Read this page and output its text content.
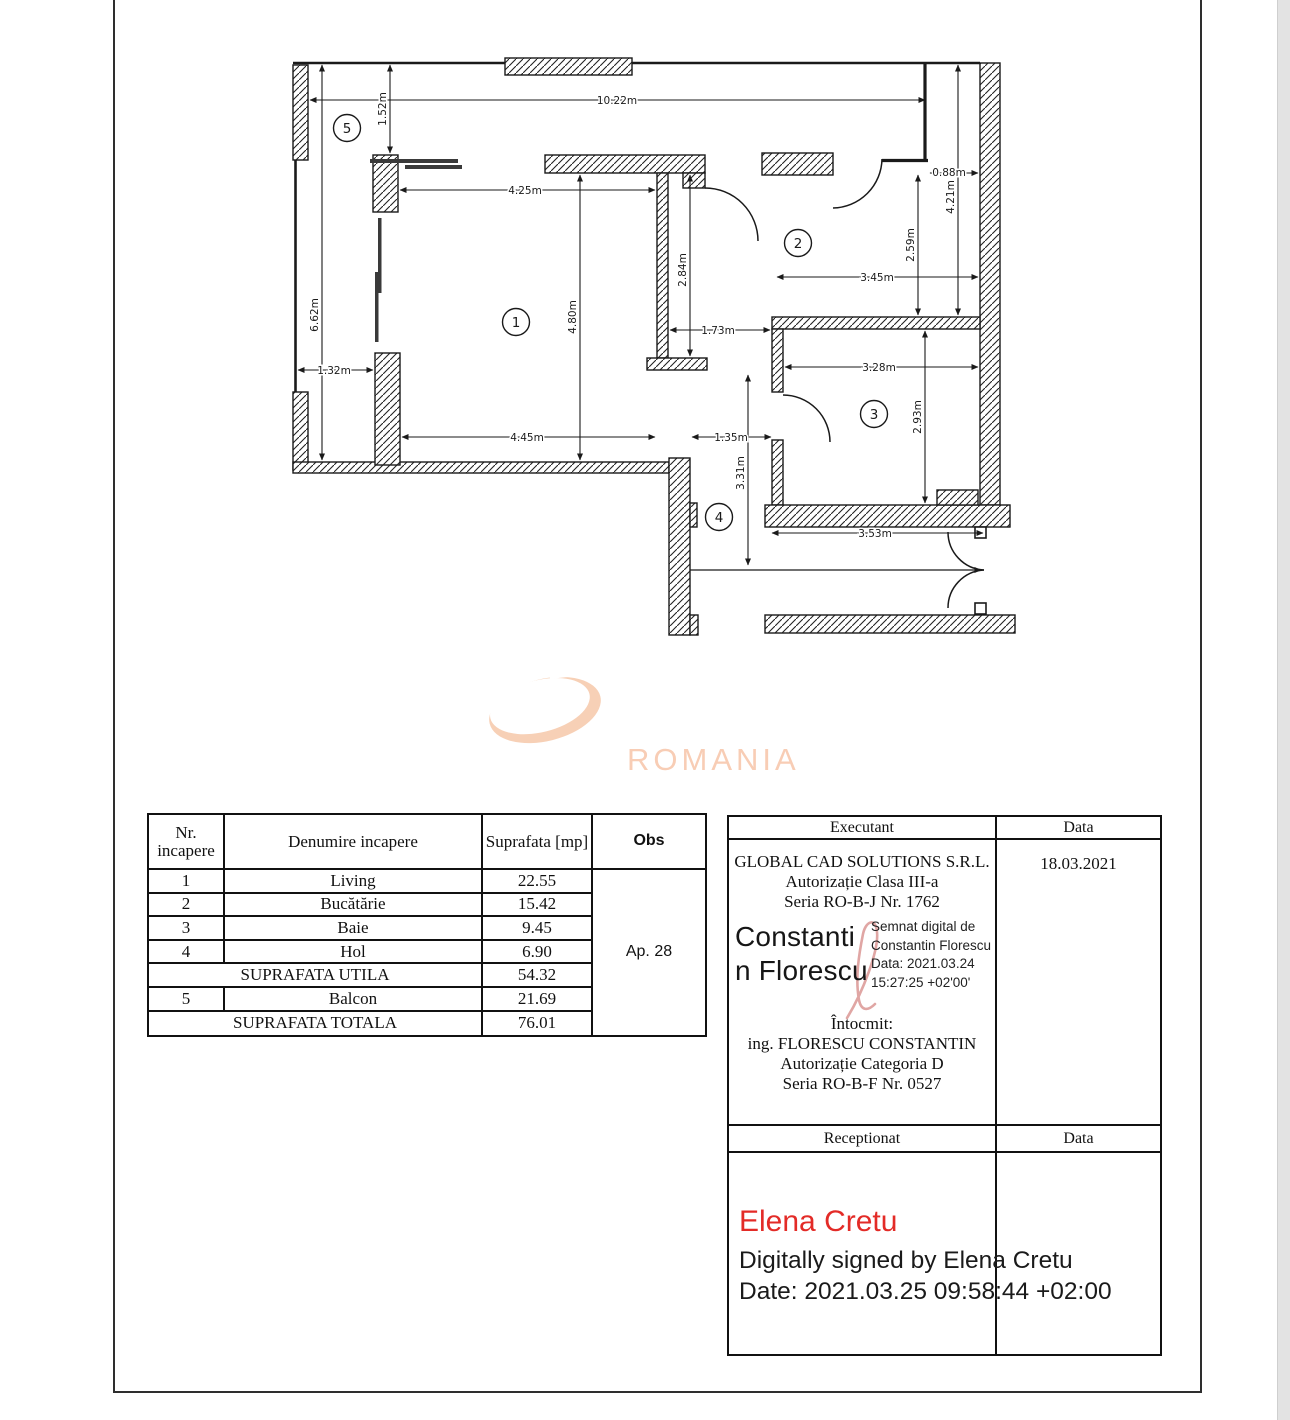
10.22m
1.52m
6.62m
4.25m
2.84m
4.80m	1.73m
3.45m
2.59m
0.88m
4.21m
1.32m
4.45m	1.35m
3.31m
3.28m
2.93m
3.53m
5
1
2
3
4
ROMANIA
Nr. incapere	Denumire incapere	Suprafata [mp]	Obs
Ap. 28
1	Living	22.55
2	Bucătărie	15.42
3	Baie	9.45
4	Hol	6.90
SUPRAFATA UTILA	54.32
5	Balcon	21.69
SUPRAFATA TOTALA	76.01
Executant	Data

GLOBAL CAD SOLUTIONS S.R.L.

Autorizație Clasa III-a

Seria RO-B-J Nr. 1762

Constanti
n Florescu
Semnat digital de
Constantin Florescu
Data: 2021.03.24
15:27:25 +02'00'

Întocmit:

ing. FLORESCU CONSTANTIN

Autorizație Categoria D

Seria RO-B-F Nr. 0527

18.03.2021
Receptionat	Data

Elena Cretu

Digitally signed by Elena Cretu

Date: 2021.03.25 09:58:44 +02:00
